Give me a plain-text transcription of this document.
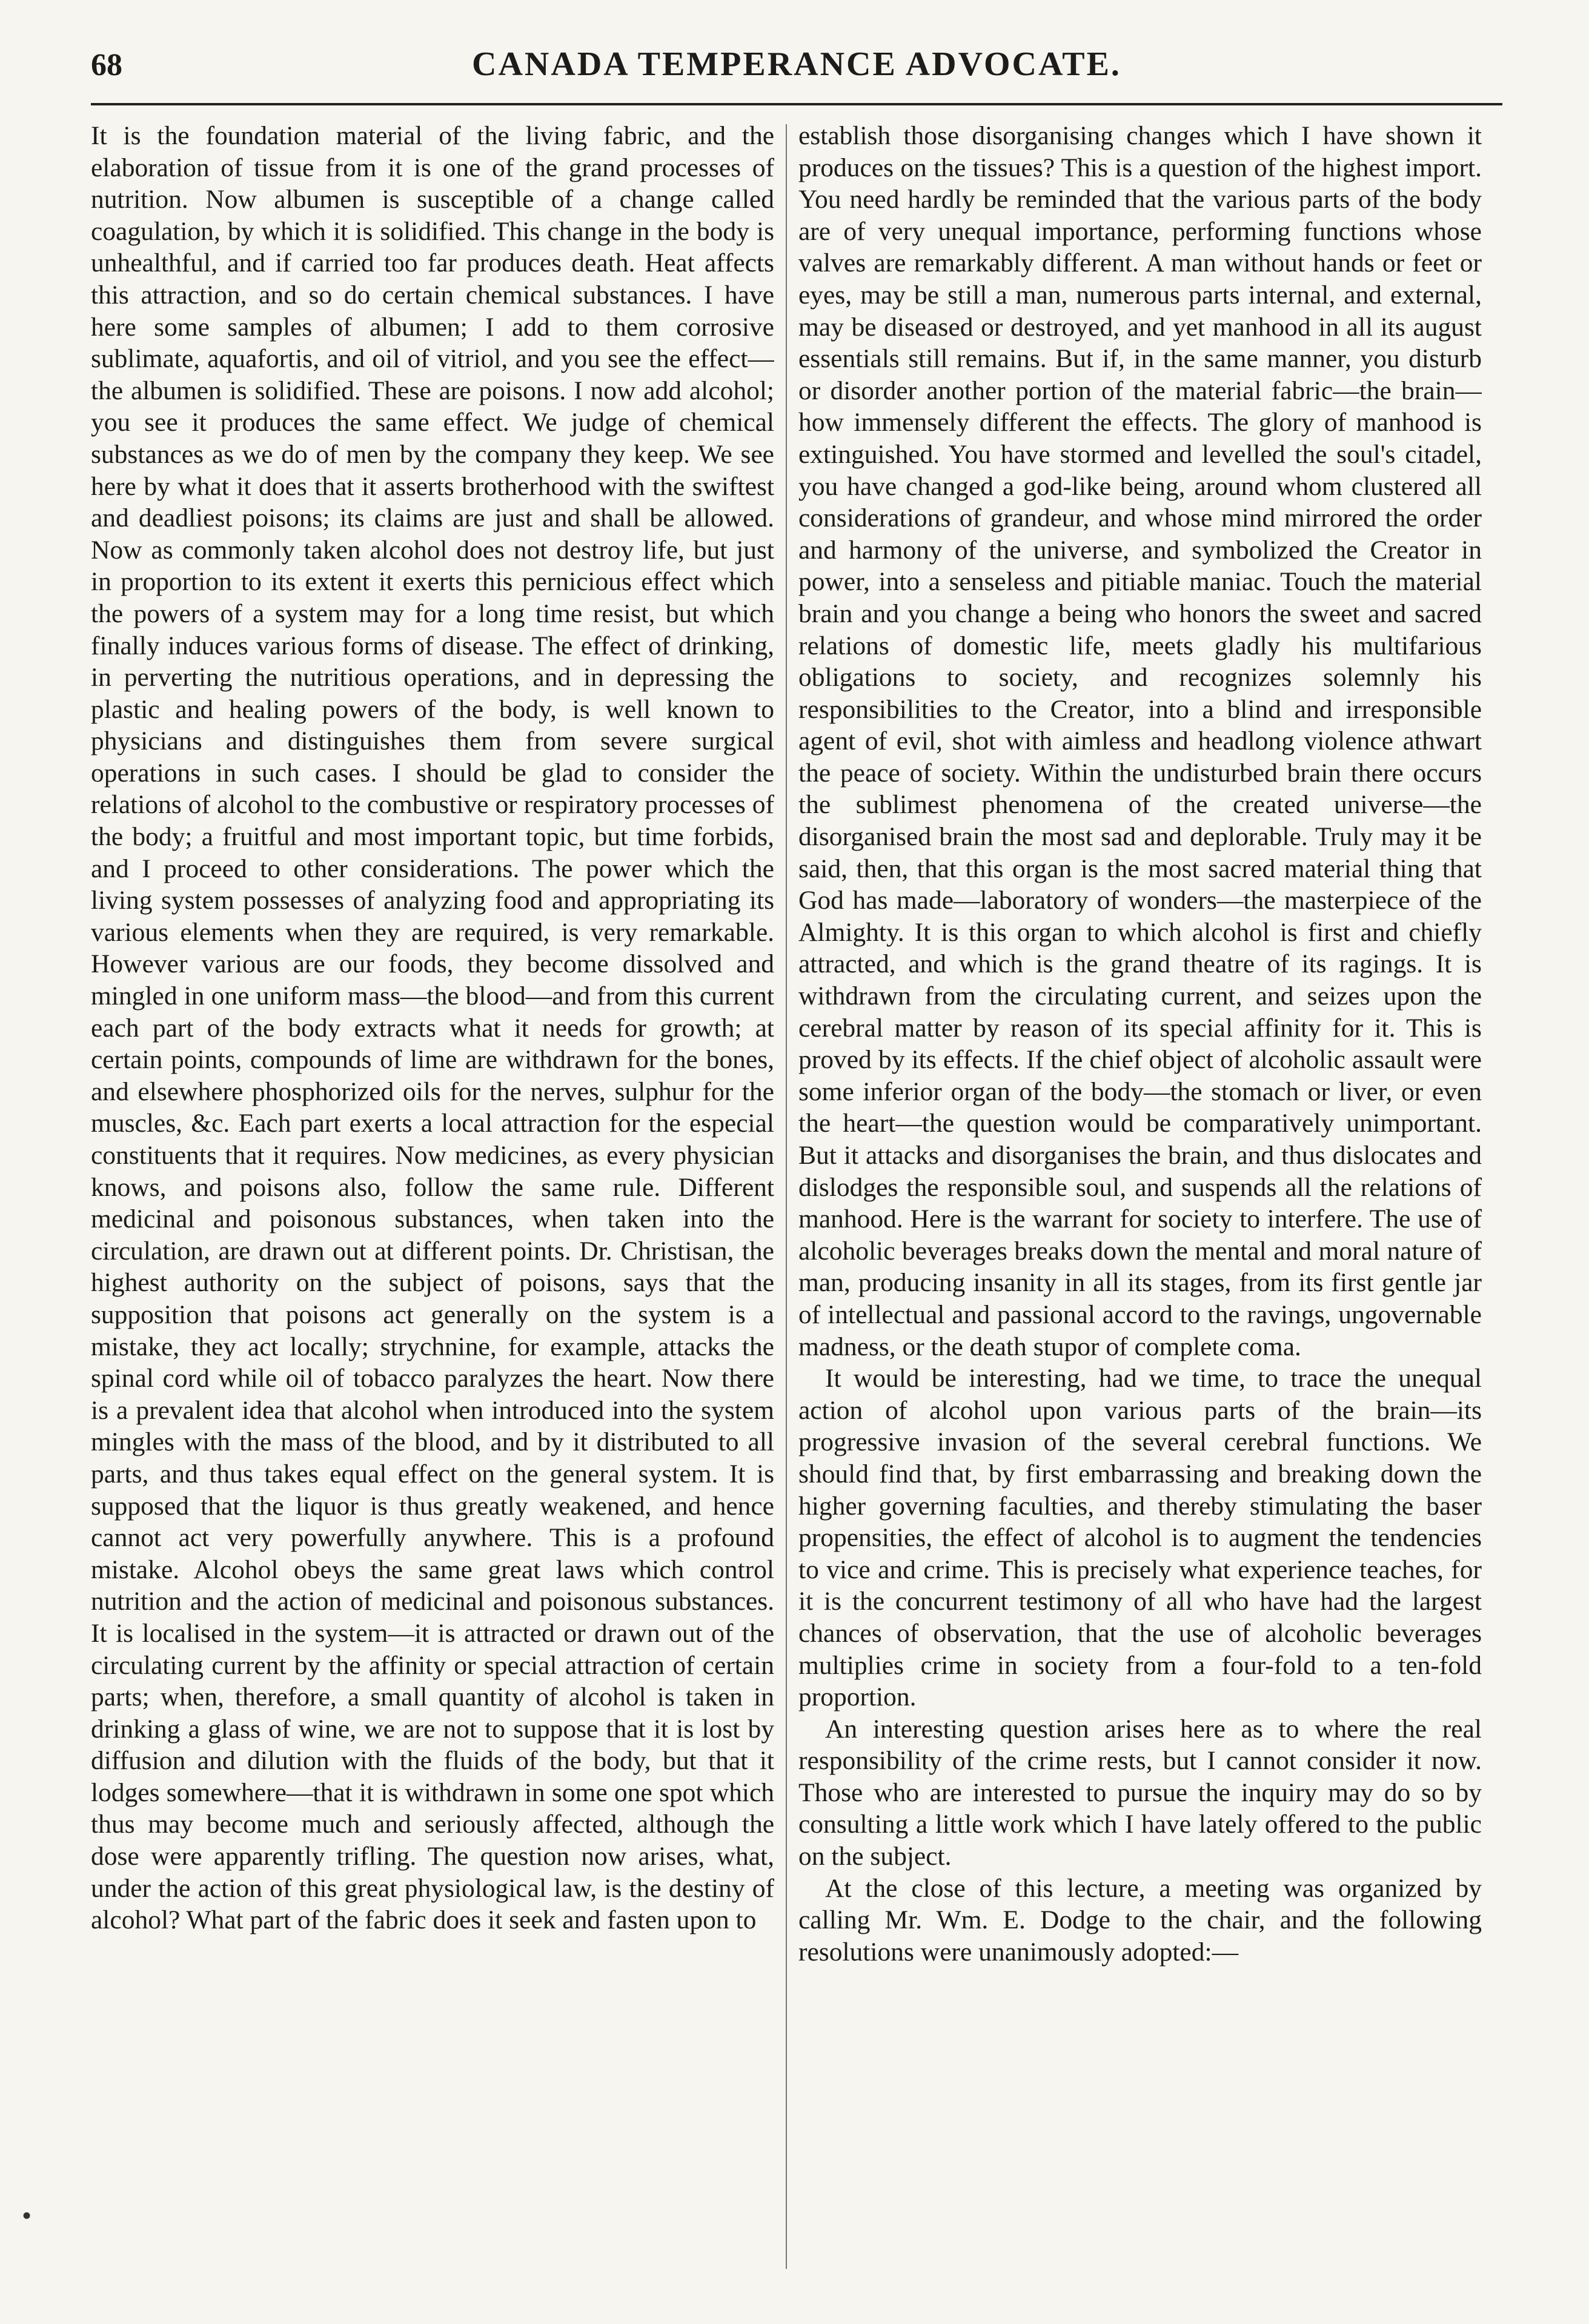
68	CANADA TEMPERANCE ADVOCATE.

It is the foundation material of the living fabric, and the elaboration of tissue from it is one of the grand processes of nutrition. Now albumen is susceptible of a change called coagulation, by which it is solidified. This change in the body is unhealthful, and if carried too far produces death. Heat affects this attraction, and so do certain chemical substances. I have here some samples of albumen; I add to them corrosive sublimate, aquafortis, and oil of vitriol, and you see the effect—the albumen is solidified. These are poisons. I now add alcohol; you see it produces the same effect. We judge of chemical substances as we do of men by the company they keep. We see here by what it does that it asserts brotherhood with the swiftest and deadliest poisons; its claims are just and shall be allowed. Now as commonly taken alcohol does not destroy life, but just in proportion to its extent it exerts this pernicious effect which the powers of a system may for a long time resist, but which finally induces various forms of disease. The effect of drinking, in perverting the nutritious operations, and in depressing the plastic and healing powers of the body, is well known to physicians and distinguishes them from severe surgical operations in such cases. I should be glad to consider the relations of alcohol to the combustive or respiratory processes of the body; a fruitful and most important topic, but time forbids, and I proceed to other considerations. The power which the living system possesses of analyzing food and appropriating its various elements when they are required, is very remarkable. However various are our foods, they become dissolved and mingled in one uniform mass—the blood—and from this current each part of the body extracts what it needs for growth; at certain points, compounds of lime are withdrawn for the bones, and elsewhere phosphorized oils for the nerves, sulphur for the muscles, &c. Each part exerts a local attraction for the especial constituents that it requires. Now medicines, as every physician knows, and poisons also, follow the same rule. Different medicinal and poisonous substances, when taken into the circulation, are drawn out at different points. Dr. Christisan, the highest authority on the subject of poisons, says that the supposition that poisons act generally on the system is a mistake, they act locally; strychnine, for example, attacks the spinal cord while oil of tobacco paralyzes the heart. Now there is a prevalent idea that alcohol when introduced into the system mingles with the mass of the blood, and by it distributed to all parts, and thus takes equal effect on the general system. It is supposed that the liquor is thus greatly weakened, and hence cannot act very powerfully anywhere. This is a profound mistake. Alcohol obeys the same great laws which control nutrition and the action of medicinal and poisonous substances. It is localised in the system—it is attracted or drawn out of the circulating current by the affinity or special attraction of certain parts; when, therefore, a small quantity of alcohol is taken in drinking a glass of wine, we are not to suppose that it is lost by diffusion and dilution with the fluids of the body, but that it lodges somewhere—that it is withdrawn in some one spot which thus may become much and seriously affected, although the dose were apparently trifling. The question now arises, what, under the action of this great physiological law, is the destiny of alcohol? What part of the fabric does it seek and fasten upon to

establish those disorganising changes which I have shown it produces on the tissues? This is a question of the highest import. You need hardly be reminded that the various parts of the body are of very unequal importance, performing functions whose valves are remarkably different. A man without hands or feet or eyes, may be still a man, numerous parts internal, and external, may be diseased or destroyed, and yet manhood in all its august essentials still remains. But if, in the same manner, you disturb or disorder another portion of the material fabric—the brain—how immensely different the effects. The glory of manhood is extinguished. You have stormed and levelled the soul's citadel, you have changed a god-like being, around whom clustered all considerations of grandeur, and whose mind mirrored the order and harmony of the universe, and symbolized the Creator in power, into a senseless and pitiable maniac. Touch the material brain and you change a being who honors the sweet and sacred relations of domestic life, meets gladly his multifarious obligations to society, and recognizes solemnly his responsibilities to the Creator, into a blind and irresponsible agent of evil, shot with aimless and headlong violence athwart the peace of society. Within the undisturbed brain there occurs the sublimest phenomena of the created universe—the disorganised brain the most sad and deplorable. Truly may it be said, then, that this organ is the most sacred material thing that God has made—laboratory of wonders—the masterpiece of the Almighty. It is this organ to which alcohol is first and chiefly attracted, and which is the grand theatre of its ragings. It is withdrawn from the circulating current, and seizes upon the cerebral matter by reason of its special affinity for it. This is proved by its effects. If the chief object of alcoholic assault were some inferior organ of the body—the stomach or liver, or even the heart—the question would be comparatively unimportant. But it attacks and disorganises the brain, and thus dislocates and dislodges the responsible soul, and suspends all the relations of manhood. Here is the warrant for society to interfere. The use of alcoholic beverages breaks down the mental and moral nature of man, producing insanity in all its stages, from its first gentle jar of intellectual and passional accord to the ravings, ungovernable madness, or the death stupor of complete coma.

It would be interesting, had we time, to trace the unequal action of alcohol upon various parts of the brain—its progressive invasion of the several cerebral functions. We should find that, by first embarrassing and breaking down the higher governing faculties, and thereby stimulating the baser propensities, the effect of alcohol is to augment the tendencies to vice and crime. This is precisely what experience teaches, for it is the concurrent testimony of all who have had the largest chances of observation, that the use of alcoholic beverages multiplies crime in society from a four-fold to a ten-fold proportion.

An interesting question arises here as to where the real responsibility of the crime rests, but I cannot consider it now. Those who are interested to pursue the inquiry may do so by consulting a little work which I have lately offered to the public on the subject.

At the close of this lecture, a meeting was organized by calling Mr. Wm. E. Dodge to the chair, and the following resolutions were unanimously adopted:—

•
